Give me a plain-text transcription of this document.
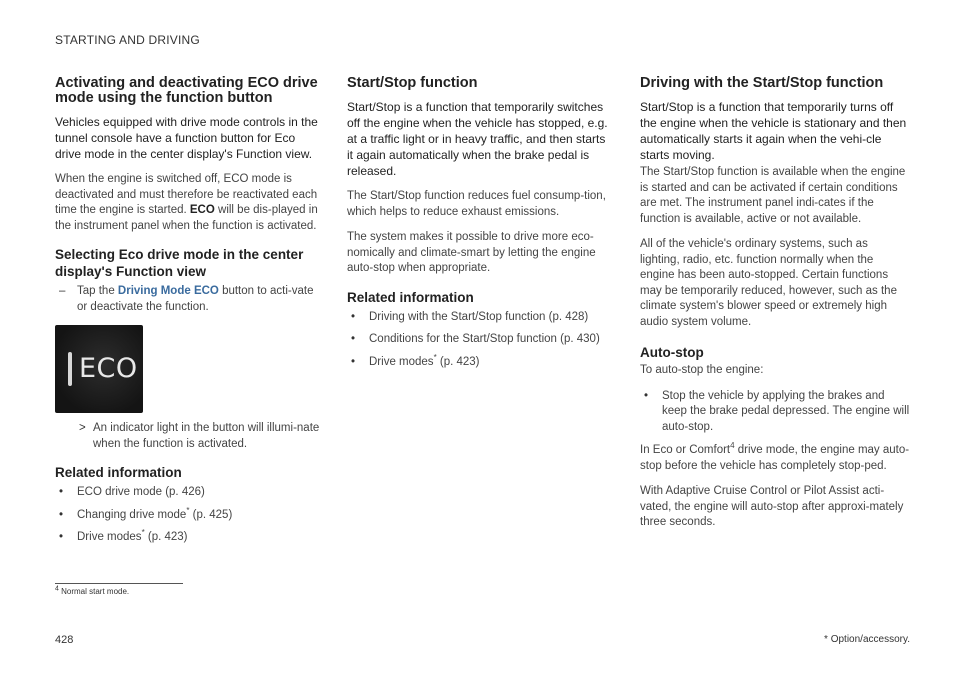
STARTING AND DRIVING
Activating and deactivating ECO drive mode using the function button
Vehicles equipped with drive mode controls in the tunnel console have a function button for Eco drive mode in the center display's Function view.

When the engine is switched off, ECO mode is deactivated and must therefore be reactivated each time the engine is started. ECO will be dis-played in the instrument panel when the function is activated.

Selecting Eco drive mode in the center display's Function view
– Tap the Driving Mode ECO button to acti-vate or deactivate the function.
ECO
> An indicator light in the button will illumi-nate when the function is activated.
Related information
• ECO drive mode (p. 426)
• Changing drive mode* (p. 425)
• Drive modes* (p. 423)
Start/Stop function
Start/Stop is a function that temporarily switches off the engine when the vehicle has stopped, e.g. at a traffic light or in heavy traffic, and then starts it again automatically when the brake pedal is released.

The Start/Stop function reduces fuel consump-tion, which helps to reduce exhaust emissions.

The system makes it possible to drive more eco-nomically and climate-smart by letting the engine auto-stop when appropriate.

Related information
• Driving with the Start/Stop function (p. 428)
• Conditions for the Start/Stop function (p. 430)
• Drive modes* (p. 423)
Driving with the Start/Stop function
Start/Stop is a function that temporarily turns off the engine when the vehicle is stationary and then automatically starts it again when the vehi-cle starts moving.

The Start/Stop function is available when the engine is started and can be activated if certain conditions are met. The instrument panel indi-cates if the function is available, active or not available.

All of the vehicle's ordinary systems, such as lighting, radio, etc. function normally when the engine has been auto-stopped. Certain functions may be temporarily reduced, however, such as the climate system's blower speed or extremely high audio system volume.

Auto-stop

To auto-stop the engine:

• Stop the vehicle by applying the brakes and keep the brake pedal depressed. The engine will auto-stop.

In Eco or Comfort$^4$ drive mode, the engine may auto-stop before the vehicle has completely stop-ped.

With Adaptive Cruise Control or Pilot Assist acti-vated, the engine will auto-stop after approxi-mately three seconds.

$^4$ Normal start mode.
428	* Option/accessory.
